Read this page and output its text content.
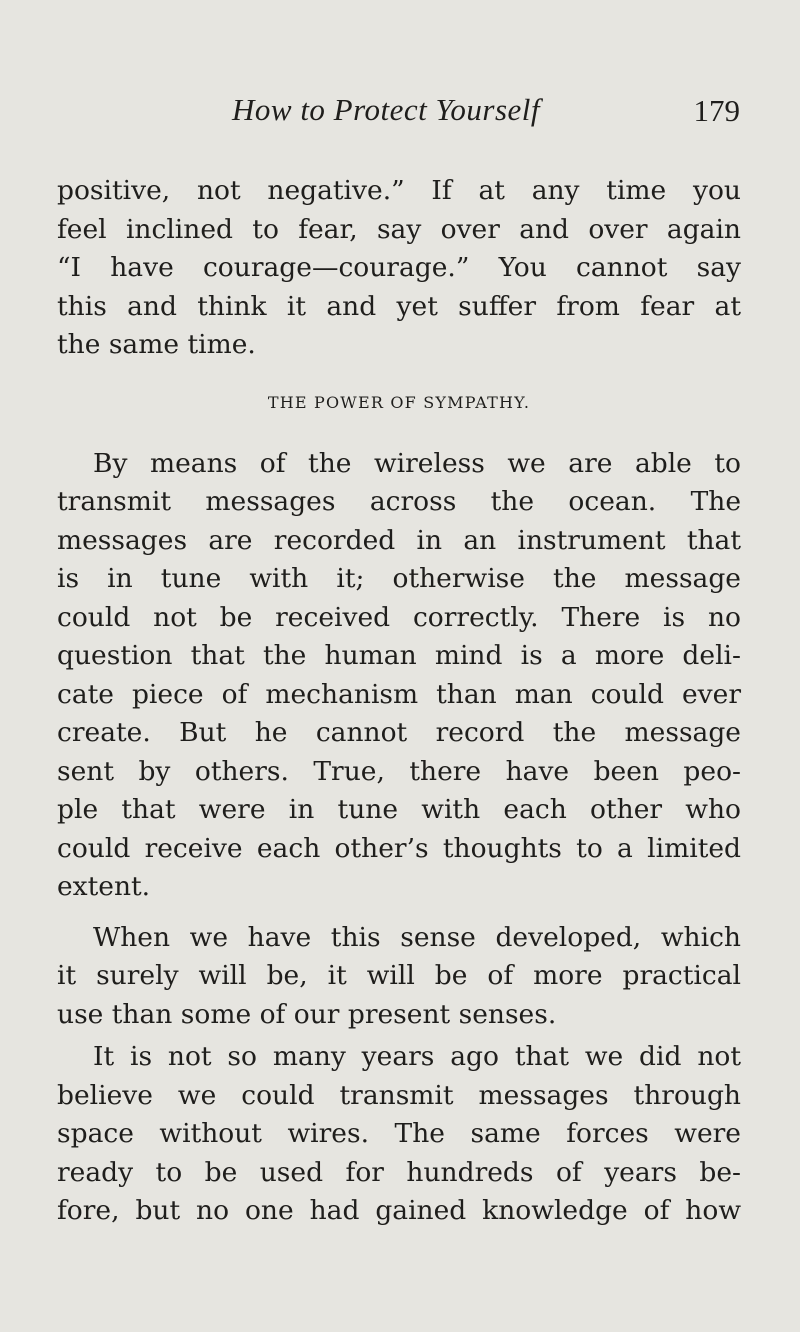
How to Protect Yourself	179
positive, not negative.” If at any time you
feel inclined to fear, say over and over again
“I have courage—courage.” You cannot say
this and think it and yet suffer from fear at
the same time.
THE POWER OF SYMPATHY.
By means of the wireless we are able to
transmit messages across the ocean. The
messages are recorded in an instrument that
is in tune with it; otherwise the message
could not be received correctly. There is no
question that the human mind is a more deli-
cate piece of mechanism than man could ever
create. But he cannot record the message
sent by others. True, there have been peo-
ple that were in tune with each other who
could receive each other’s thoughts to a limited
extent.
When we have this sense developed, which
it surely will be, it will be of more practical
use than some of our present senses.
It is not so many years ago that we did not
believe we could transmit messages through
space without wires. The same forces were
ready to be used for hundreds of years be-
fore, but no one had gained knowledge of how
